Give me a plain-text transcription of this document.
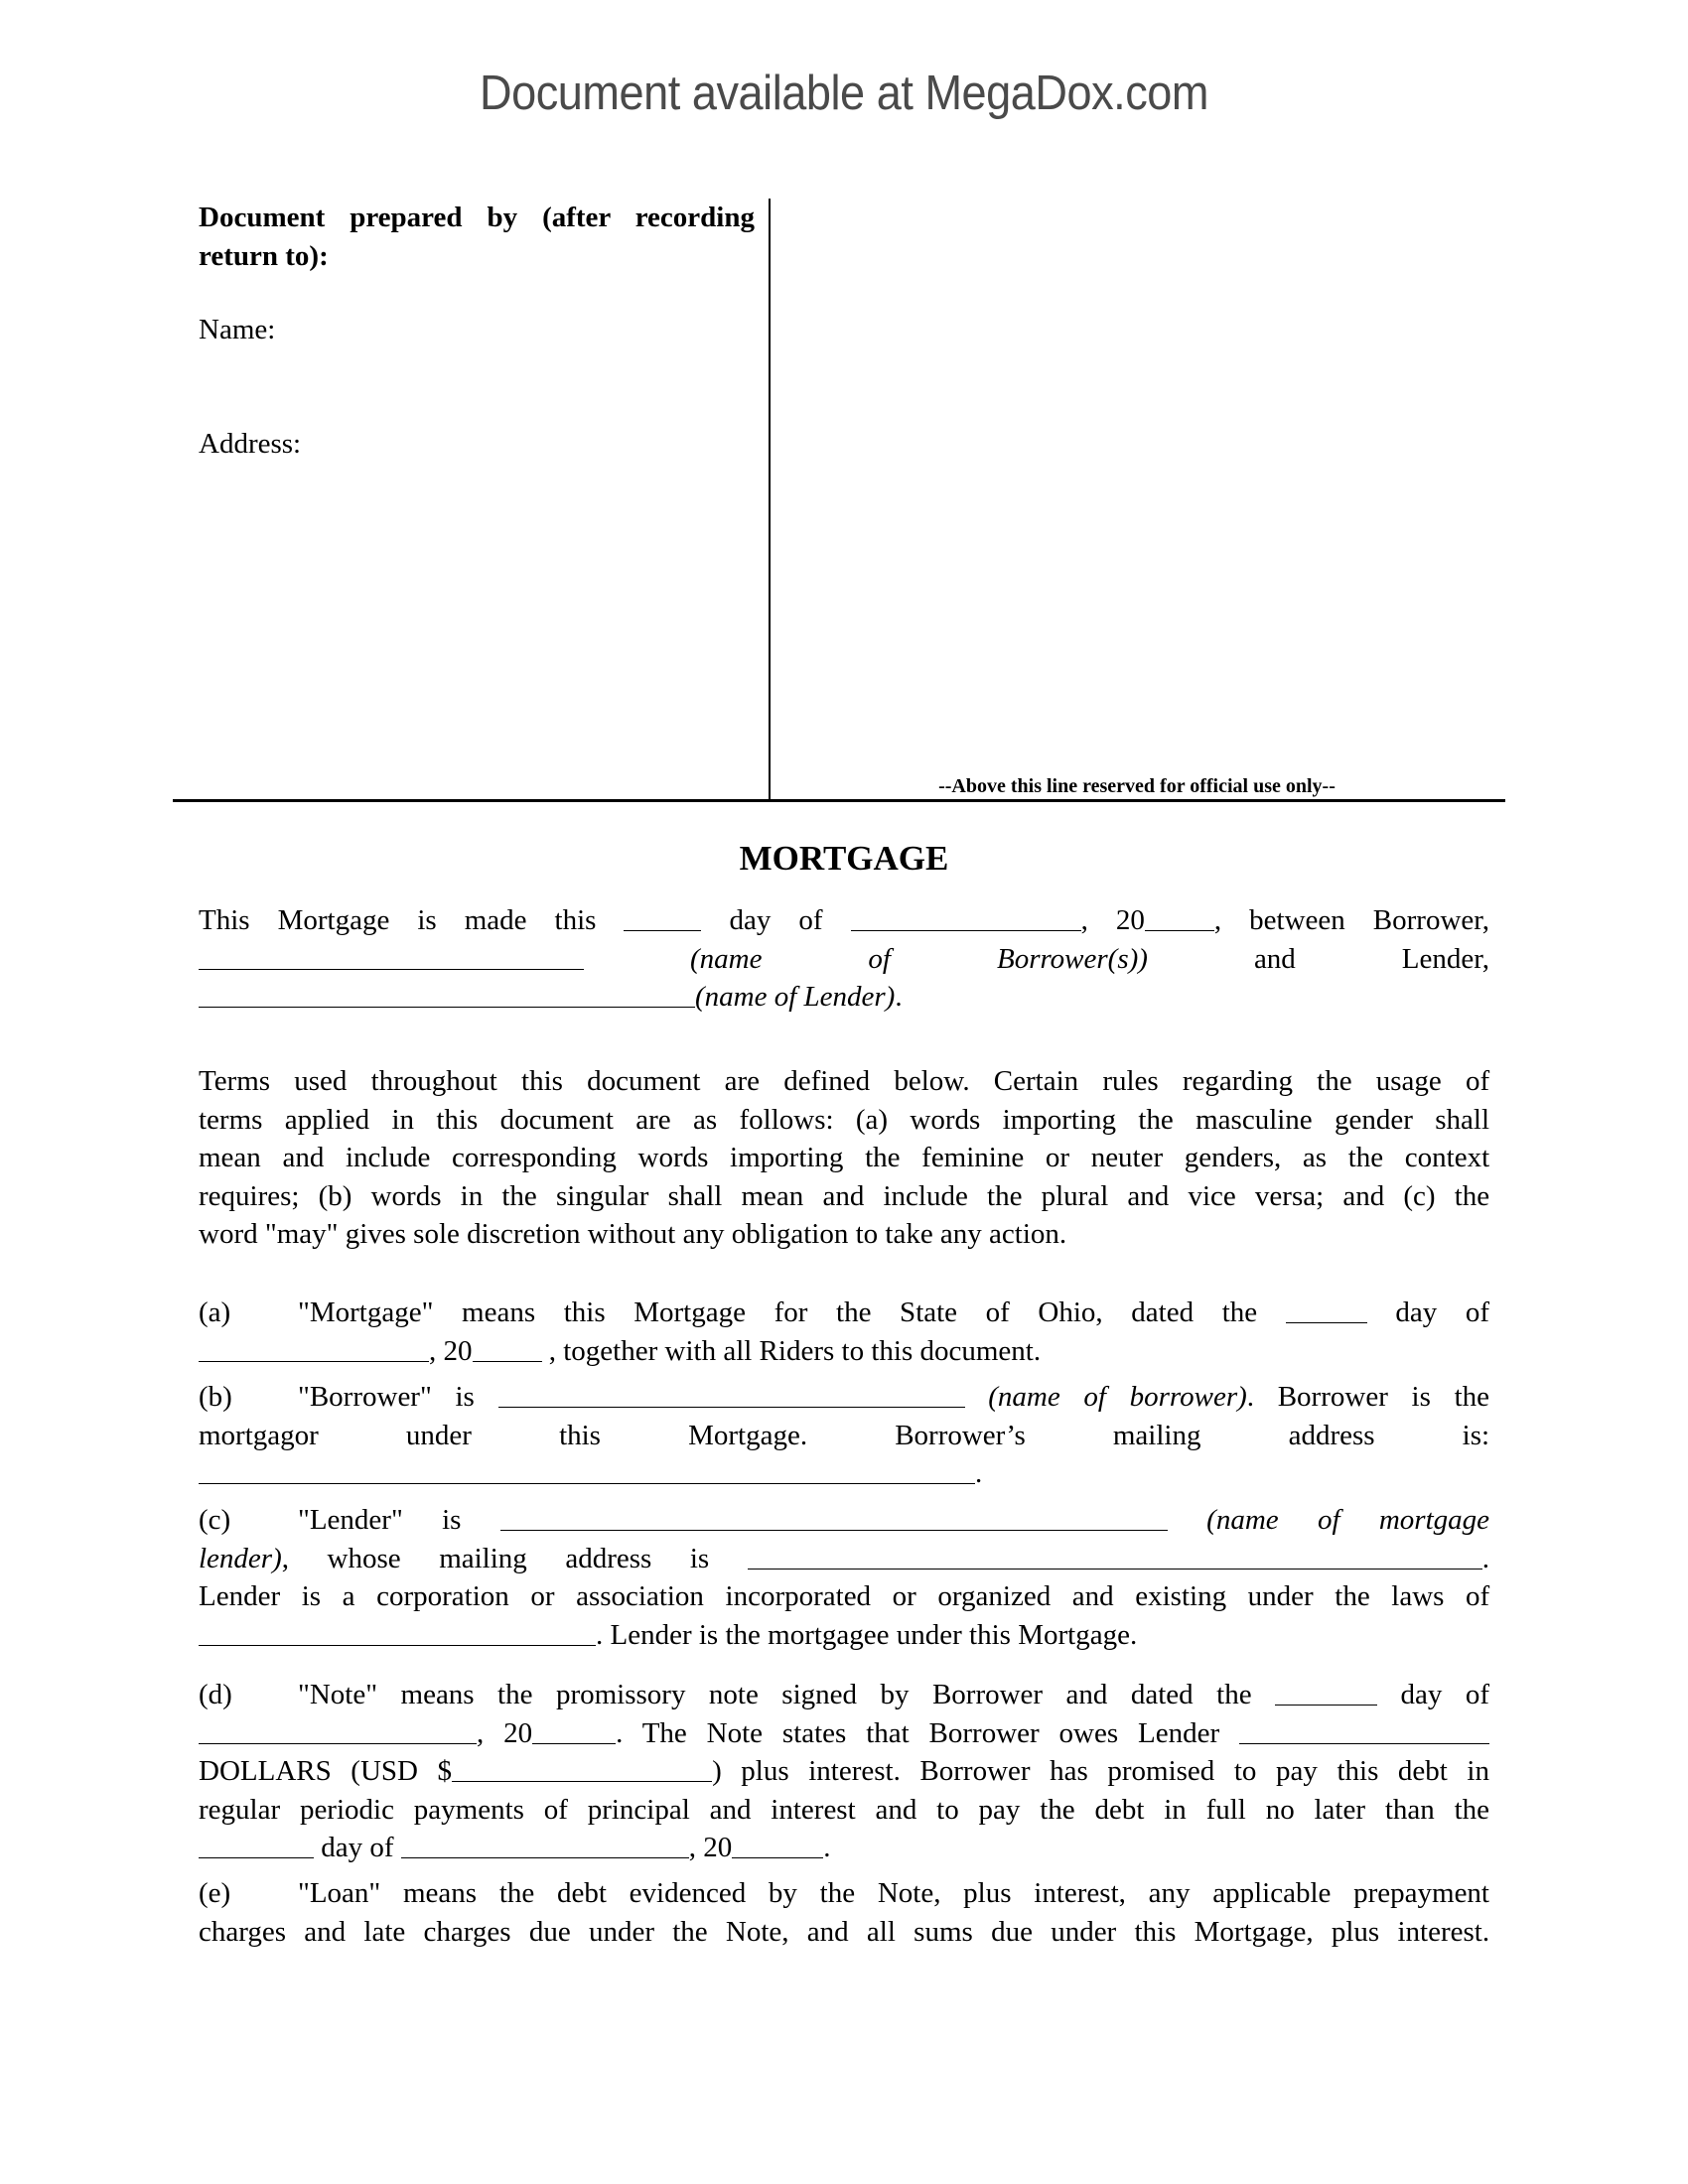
Document available at MegaDox.com
Document prepared by (after recording return to):
Name:
Address:
--Above this line reserved for official use only--
MORTGAGE
This Mortgage is made this	day of	, 20 , between Borrower,
(name of Borrower(s))	and	Lender,
(name of Lender).
Terms used throughout this document are defined below. Certain rules regarding the usage of
terms applied in this document are as follows: (a) words importing the masculine gender shall
mean and include corresponding words importing the feminine or neuter genders, as the context
requires; (b) words in the singular shall mean and include the plural and vice versa; and (c) the
word "may" gives sole discretion without any obligation to take any action.
(a) "Mortgage" means this Mortgage for the State of Ohio, dated the	day of
, 20 , together with all Riders to this document.
(b) "Borrower" is	(name of borrower). Borrower is the
mortgagor	under	this	Mortgage.	Borrower’s	mailing	address	is:
.
(c) "Lender" is	(name of mortgage
lender), whose mailing address is	.
Lender is a corporation or association incorporated or organized and existing under the laws of
. Lender is the mortgagee under this Mortgage.
(d) "Note" means the promissory note signed by Borrower and dated the	day of
, 20	. The Note states that Borrower owes Lender
DOLLARS (USD $	) plus interest. Borrower has promised to pay this debt in
regular periodic payments of principal and interest and to pay the debt in full no later than the
day of	, 20	.
(e) "Loan" means the debt evidenced by the Note, plus interest, any applicable prepayment
charges and late charges due under the Note, and all sums due under this Mortgage, plus interest.
